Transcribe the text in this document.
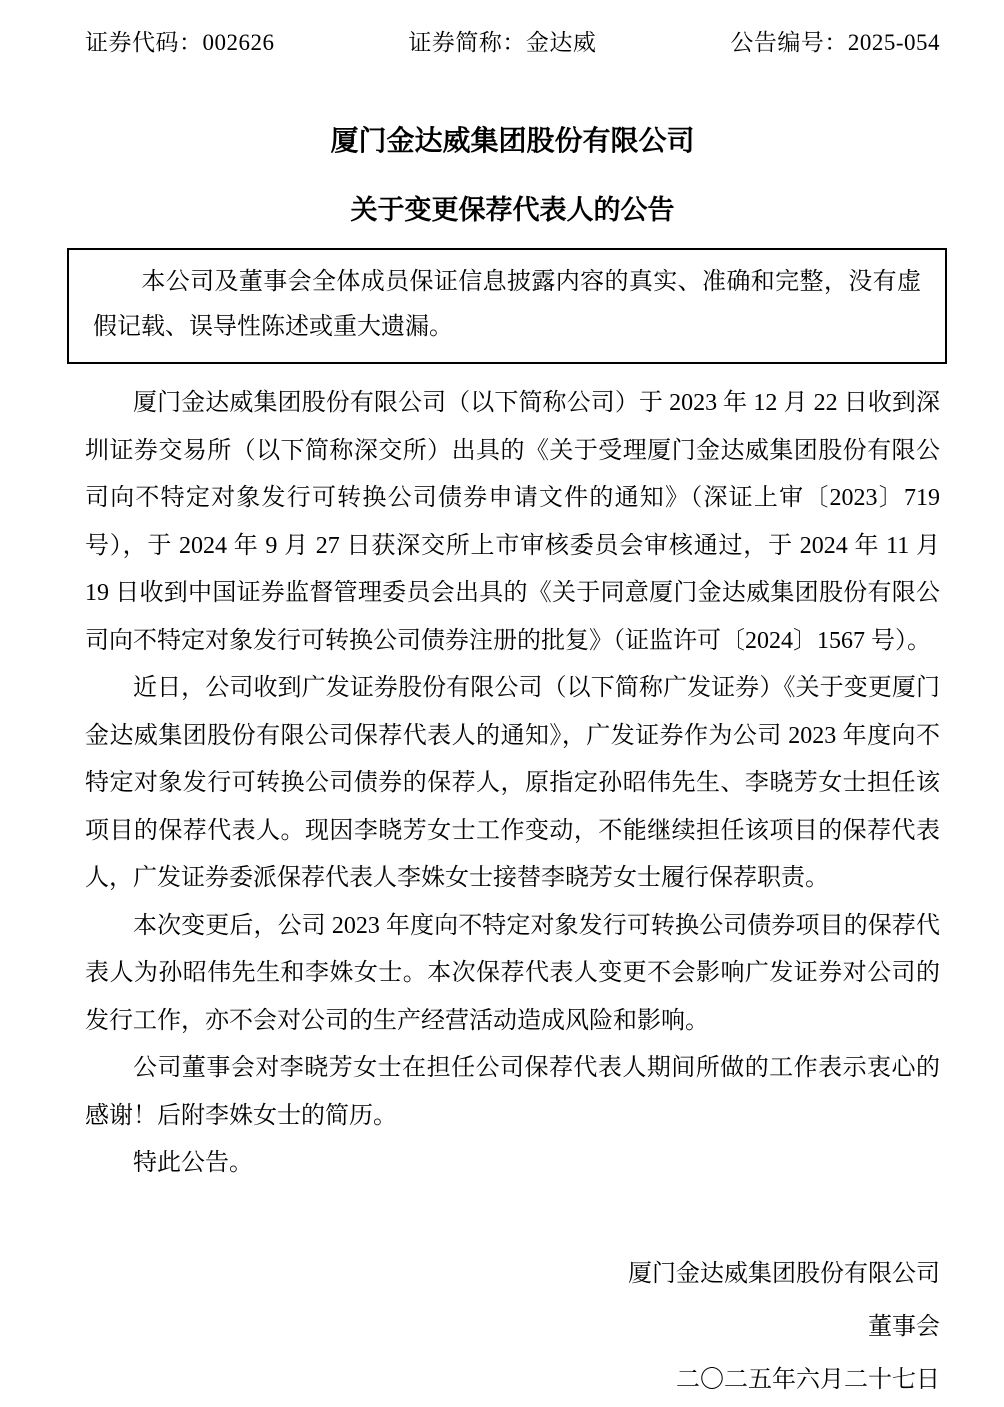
证券代码：002626	证券简称：金达威	公告编号：2025-054
厦门金达威集团股份有限公司
关于变更保荐代表人的公告
本公司及董事会全体成员保证信息披露内容的真实、准确和完整，没有虚假记载、误导性陈述或重大遗漏。

厦门金达威集团股份有限公司（以下简称公司）于 2023 年 12 月 22 日收到深圳证券交易所（以下简称深交所）出具的《关于受理厦门金达威集团股份有限公司向不特定对象发行可转换公司债券申请文件的通知》（深证上审〔2023〕719 号），于 2024 年 9 月 27 日获深交所上市审核委员会审核通过，于 2024 年 11 月 19 日收到中国证券监督管理委员会出具的《关于同意厦门金达威集团股份有限公司向不特定对象发行可转换公司债券注册的批复》（证监许可〔2024〕1567 号）。

近日，公司收到广发证券股份有限公司（以下简称广发证券）《关于变更厦门金达威集团股份有限公司保荐代表人的通知》，广发证券作为公司 2023 年度向不特定对象发行可转换公司债券的保荐人，原指定孙昭伟先生、李晓芳女士担任该项目的保荐代表人。现因李晓芳女士工作变动，不能继续担任该项目的保荐代表人，广发证券委派保荐代表人李姝女士接替李晓芳女士履行保荐职责。

本次变更后，公司 2023 年度向不特定对象发行可转换公司债券项目的保荐代表人为孙昭伟先生和李姝女士。本次保荐代表人变更不会影响广发证券对公司的发行工作，亦不会对公司的生产经营活动造成风险和影响。

公司董事会对李晓芳女士在担任公司保荐代表人期间所做的工作表示衷心的感谢！后附李姝女士的简历。

特此公告。

厦门金达威集团股份有限公司
董事会
二〇二五年六月二十七日
